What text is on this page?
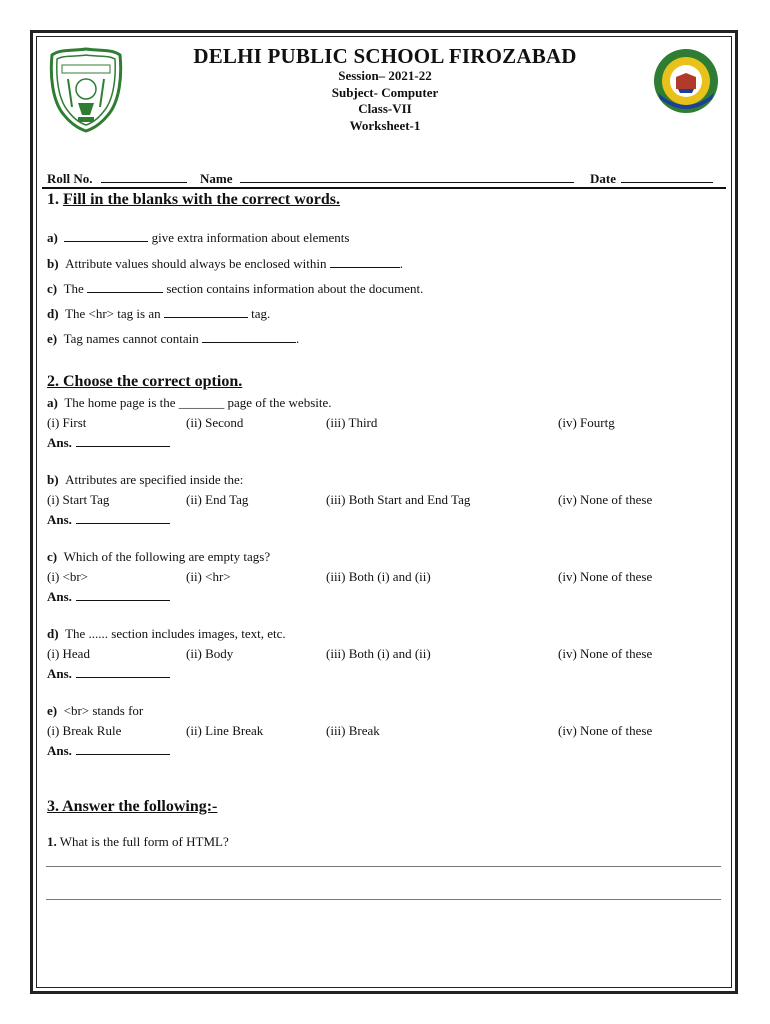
DELHI PUBLIC SCHOOL FIROZABAD
Session– 2021-22
Subject- Computer
Class-VII
Worksheet-1
Roll No.	Name	Date
1. Fill in the blanks with the correct words.
a)	give extra information about elements
b) Attribute values should always be enclosed within	.
c) The	section contains information about the document.
d) The <hr> tag is an	tag.
e) Tag names cannot contain	.
2. Choose the correct option.
a) The home page is the _______ page of the website.
(i) First	(ii) Second	(iii) Third	(iv) Fourtg
Ans.
b) Attributes are specified inside the:
(i) Start Tag	(ii) End Tag	(iii) Both Start and End Tag	(iv) None of these
Ans.
c) Which of the following are empty tags?
(i) <br>	(ii) <hr>	(iii) Both (i) and (ii)	(iv) None of these
Ans.
d) The ...... section includes images, text, etc.
(i) Head	(ii) Body	(iii) Both (i) and (ii)	(iv) None of these
Ans.
e) <br> stands for
(i) Break Rule	(ii) Line Break	(iii) Break	(iv) None of these
Ans.
3. Answer the following:-
1. What is the full form of HTML?
